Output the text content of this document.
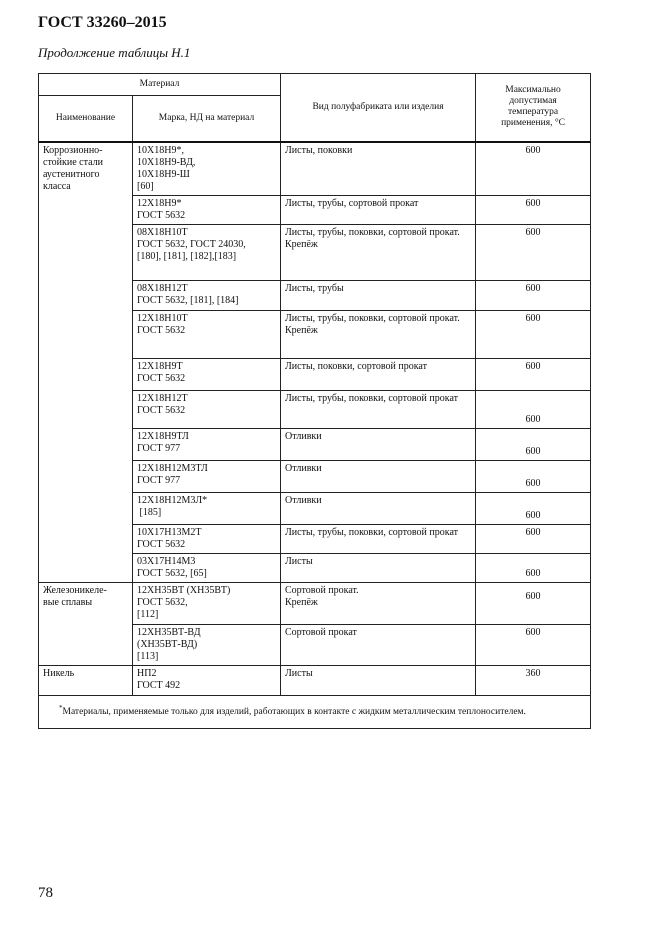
ГОСТ 33260–2015
Продолжение таблицы Н.1
Материал		Вид полуфабриката или изделия	Максимально
допустимая
температура
применения, °С

Наименование	Марка, НД на материал		

Коррозионно-
стойкие стали
аустенитного
класса	10Х18Н9*,
10Х18Н9-ВД,
10Х18Н9-Ш
[60]	Листы, поковки	600

	12Х18Н9*
ГОСТ 5632	Листы, трубы, сортовой прокат	600

	08Х18Н10Т
ГОСТ 5632, ГОСТ 24030,
[180], [181], [182],[183]	Листы, трубы, поковки, сортовой прокат.
Крепёж	600

	08Х18Н12Т
ГОСТ 5632, [181], [184]	Листы, трубы	600

	12Х18Н10Т
ГОСТ 5632	Листы, трубы, поковки, сортовой прокат.
Крепёж	600

	12Х18Н9Т
ГОСТ 5632	Листы, поковки, сортовой прокат	600

	12Х18Н12Т
ГОСТ 5632	Листы, трубы, поковки, сортовой прокат	600

	12Х18Н9ТЛ
ГОСТ 977	Отливки	600

	12Х18Н12М3ТЛ
ГОСТ 977	Отливки	600

	12Х18Н12М3Л*
[185]	Отливки	600

	10Х17Н13М2Т
ГОСТ 5632	Листы, трубы, поковки, сортовой прокат	600

	03Х17Н14М3
ГОСТ 5632, [65]	Листы	600

Железоникеле-
вые сплавы	12ХН35ВТ (ХН35ВТ)
ГОСТ 5632,
[112]	Сортовой прокат.
Крепёж	600

	12ХН35ВТ-ВД
(ХН35ВТ-ВД)
[113]	Сортовой прокат	600

Никель	НП2
ГОСТ 492	Листы	360
*Материалы, применяемые только для изделий, работающих в контакте с жидким металлическим теплоносителем.			
78
